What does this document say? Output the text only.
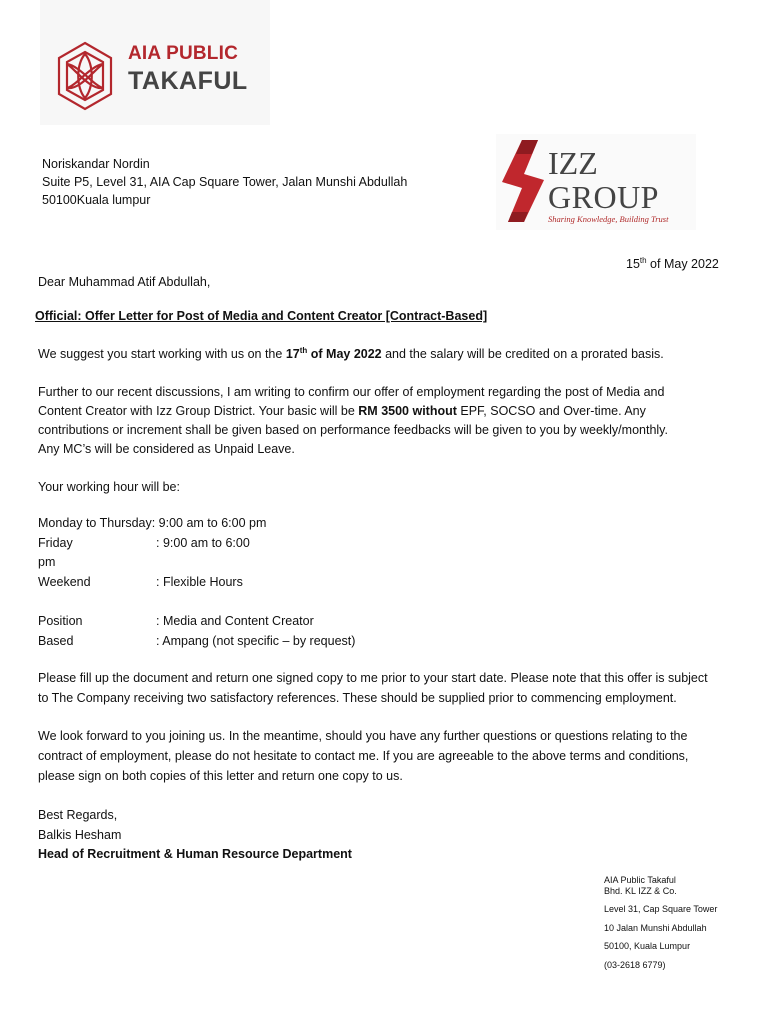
AIA PUBLIC
TAKAFUL
IZZ
GROUP
Sharing Knowledge, Building Trust
Noriskandar Nordin
Suite P5, Level 31, AIA Cap Square Tower, Jalan Munshi Abdullah
50100Kuala lumpur
15th of May 2022
Dear Muhammad Atif Abdullah,
Official: Offer Letter for Post of Media and Content Creator [Contract-Based]
We suggest you start working with us on the 17th of May 2022 and the salary will be credited on a prorated basis.
Further to our recent discussions, I am writing to confirm our offer of employment regarding the post of Media and
Content Creator with Izz Group District. Your basic will be RM 3500 without EPF, SOCSO and Over-time. Any
contributions or increment shall be given based on performance feedbacks will be given to you by weekly/monthly.
Any MC’s will be considered as Unpaid Leave.
Your working hour will be:
Monday to Thursday: 9:00 am to 6:00 pm
Friday	: 9:00 am to 6:00
pm
Weekend	: Flexible Hours
Position	: Media and Content Creator
Based	: Ampang (not specific – by request)
Please fill up the document and return one signed copy to me prior to your start date. Please note that this offer is subject
to The Company receiving two satisfactory references. These should be supplied prior to commencing employment.
We look forward to you joining us. In the meantime, should you have any further questions or questions relating to the
contract of employment, please do not hesitate to contact me. If you are agreeable to the above terms and conditions,
please sign on both copies of this letter and return one copy to us.
Best Regards,
Balkis Hesham
Head of Recruitment & Human Resource Department
AIA Public Takaful
Bhd. KL IZZ & Co.
Level 31, Cap Square Tower
10 Jalan Munshi Abdullah
50100, Kuala Lumpur
(03-2618 6779)
